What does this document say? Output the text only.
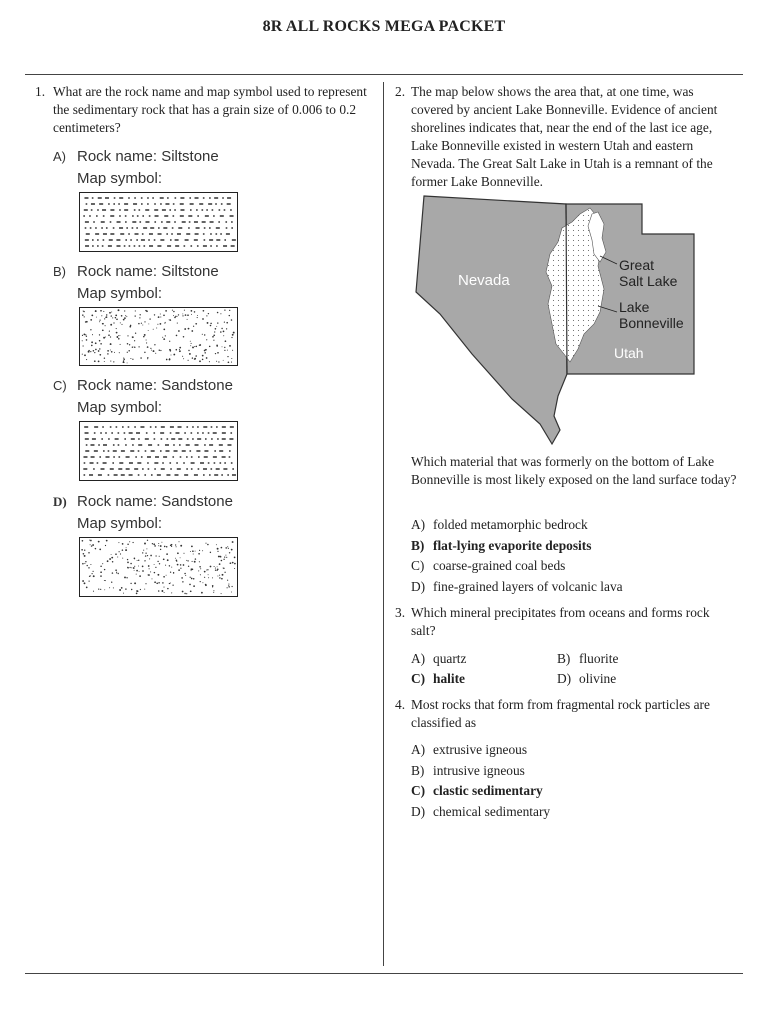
8R ALL ROCKS MEGA PACKET
1. What are the rock name and map symbol used to represent the sedimentary rock that has a grain size of 0.006 to 0.2 centimeters?
A) Rock name: Siltstone
Map symbol:
B) Rock name: Siltstone
Map symbol:
C) Rock name: Sandstone
Map symbol:
D) Rock name: Sandstone
Map symbol:
2. The map below shows the area that, at one time, was covered by ancient Lake Bonneville. Evidence of ancient shorelines indicates that, near the end of the last ice age, Lake Bonneville existed in western Utah and eastern Nevada. The Great Salt Lake in Utah is a remnant of the former Lake Bonneville.
Nevada
Utah
Great
Salt Lake
Lake
Bonneville
Which material that was formerly on the bottom of Lake Bonneville is most likely exposed on the land surface today?
A) folded metamorphic bedrock
B) flat-lying evaporite deposits
C) coarse-grained coal beds
D) fine-grained layers of volcanic lava
3. Which mineral precipitates from oceans and forms rock salt?
A) quartz	B) fluorite
C) halite	D) olivine
4. Most rocks that form from fragmental rock particles are classified as
A) extrusive igneous
B) intrusive igneous
C) clastic sedimentary
D) chemical sedimentary
